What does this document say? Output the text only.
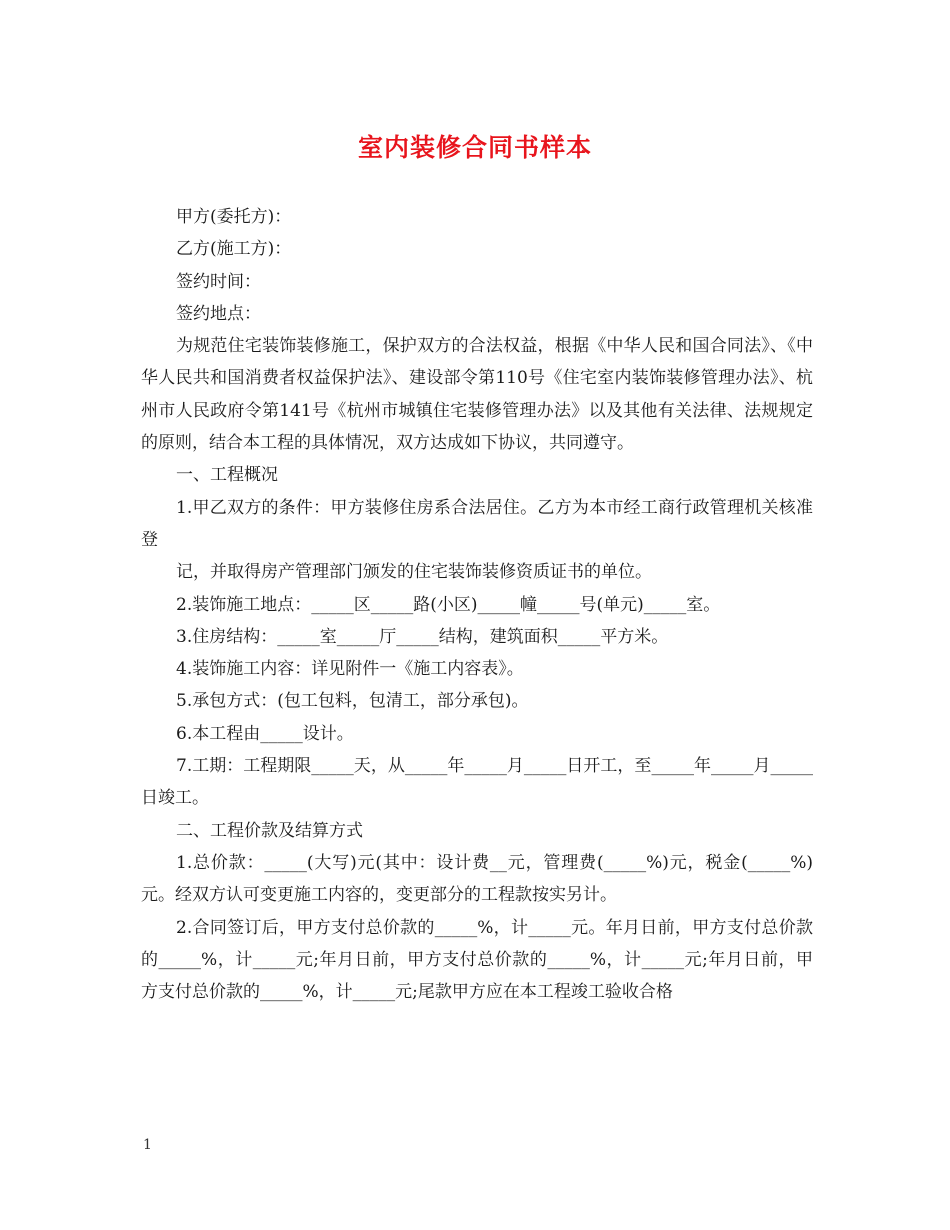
室内装修合同书样本

甲方(委托方)：

乙方(施工方)：

签约时间：

签约地点：

为规范住宅装饰装修施工，保护双方的合法权益，根据《中华人民和国合同法》、《中华人民共和国消费者权益保护法》、建设部令第110号《住宅室内装饰装修管理办法》、杭州市人民政府令第141号《杭州市城镇住宅装修管理办法》以及其他有关法律、法规规定的原则，结合本工程的具体情况，双方达成如下协议，共同遵守。

一、工程概况

1.甲乙双方的条件：甲方装修住房系合法居住。乙方为本市经工商行政管理机关核准登

记，并取得房产管理部门颁发的住宅装饰装修资质证书的单位。

2.装饰施工地点：_____区_____路(小区)_____幢_____号(单元)_____室。

3.住房结构：_____室_____厅_____结构，建筑面积_____平方米。

4.装饰施工内容：详见附件一《施工内容表》。

5.承包方式：(包工包料，包清工，部分承包)。

6.本工程由_____设计。

7.工期：工程期限_____天，从_____年_____月_____日开工，至_____年_____月_____日竣工。

二、工程价款及结算方式

1.总价款：_____(大写)元(其中：设计费__元，管理费(_____%)元，税金(_____%)元。经双方认可变更施工内容的，变更部分的工程款按实另计。

2.合同签订后，甲方支付总价款的_____%，计_____元。年月日前，甲方支付总价款的_____%，计_____元;年月日前，甲方支付总价款的_____%，计_____元;年月日前，甲方支付总价款的_____%，计_____元;尾款甲方应在本工程竣工验收合格

1
